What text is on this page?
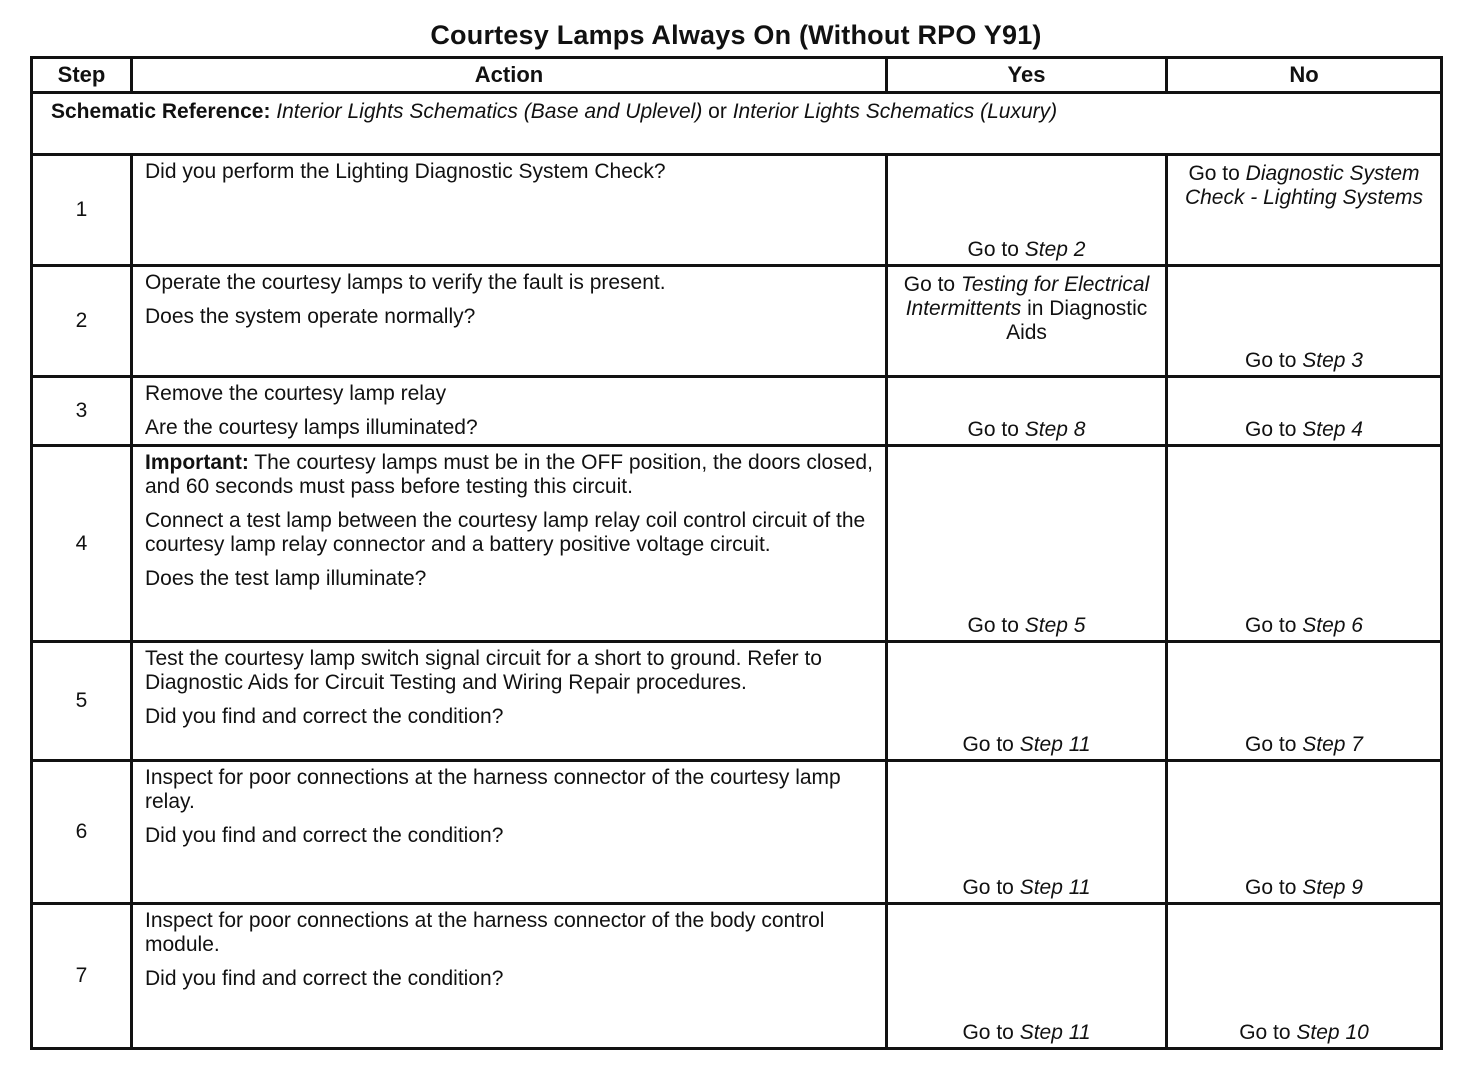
Courtesy Lamps Always On (Without RPO Y91)
Step	Action	Yes	No
Schematic Reference: Interior Lights Schematics (Base and Uplevel) or Interior Lights Schematics (Luxury)			
1	Did you perform the Lighting Diagnostic System Check?	Go to Step 2	Go to Diagnostic System Check - Lighting Systems
2	Operate the courtesy lamps to verify the fault is present.
Does the system operate normally?	Go to Testing for Electrical Intermittents in Diagnostic Aids	Go to Step 3
3	Remove the courtesy lamp relay
Are the courtesy lamps illuminated?	Go to Step 8	Go to Step 4
4	Important: The courtesy lamps must be in the OFF position, the doors closed, and 60 seconds must pass before testing this circuit.
Connect a test lamp between the courtesy lamp relay coil control circuit of the courtesy lamp relay connector and a battery positive voltage circuit.
Does the test lamp illuminate?	Go to Step 5	Go to Step 6
5	Test the courtesy lamp switch signal circuit for a short to ground. Refer to Diagnostic Aids for Circuit Testing and Wiring Repair procedures.
Did you find and correct the condition?	Go to Step 11	Go to Step 7
6	Inspect for poor connections at the harness connector of the courtesy lamp relay.
Did you find and correct the condition?	Go to Step 11	Go to Step 9
7	Inspect for poor connections at the harness connector of the body control module.
Did you find and correct the condition?	Go to Step 11	Go to Step 10
